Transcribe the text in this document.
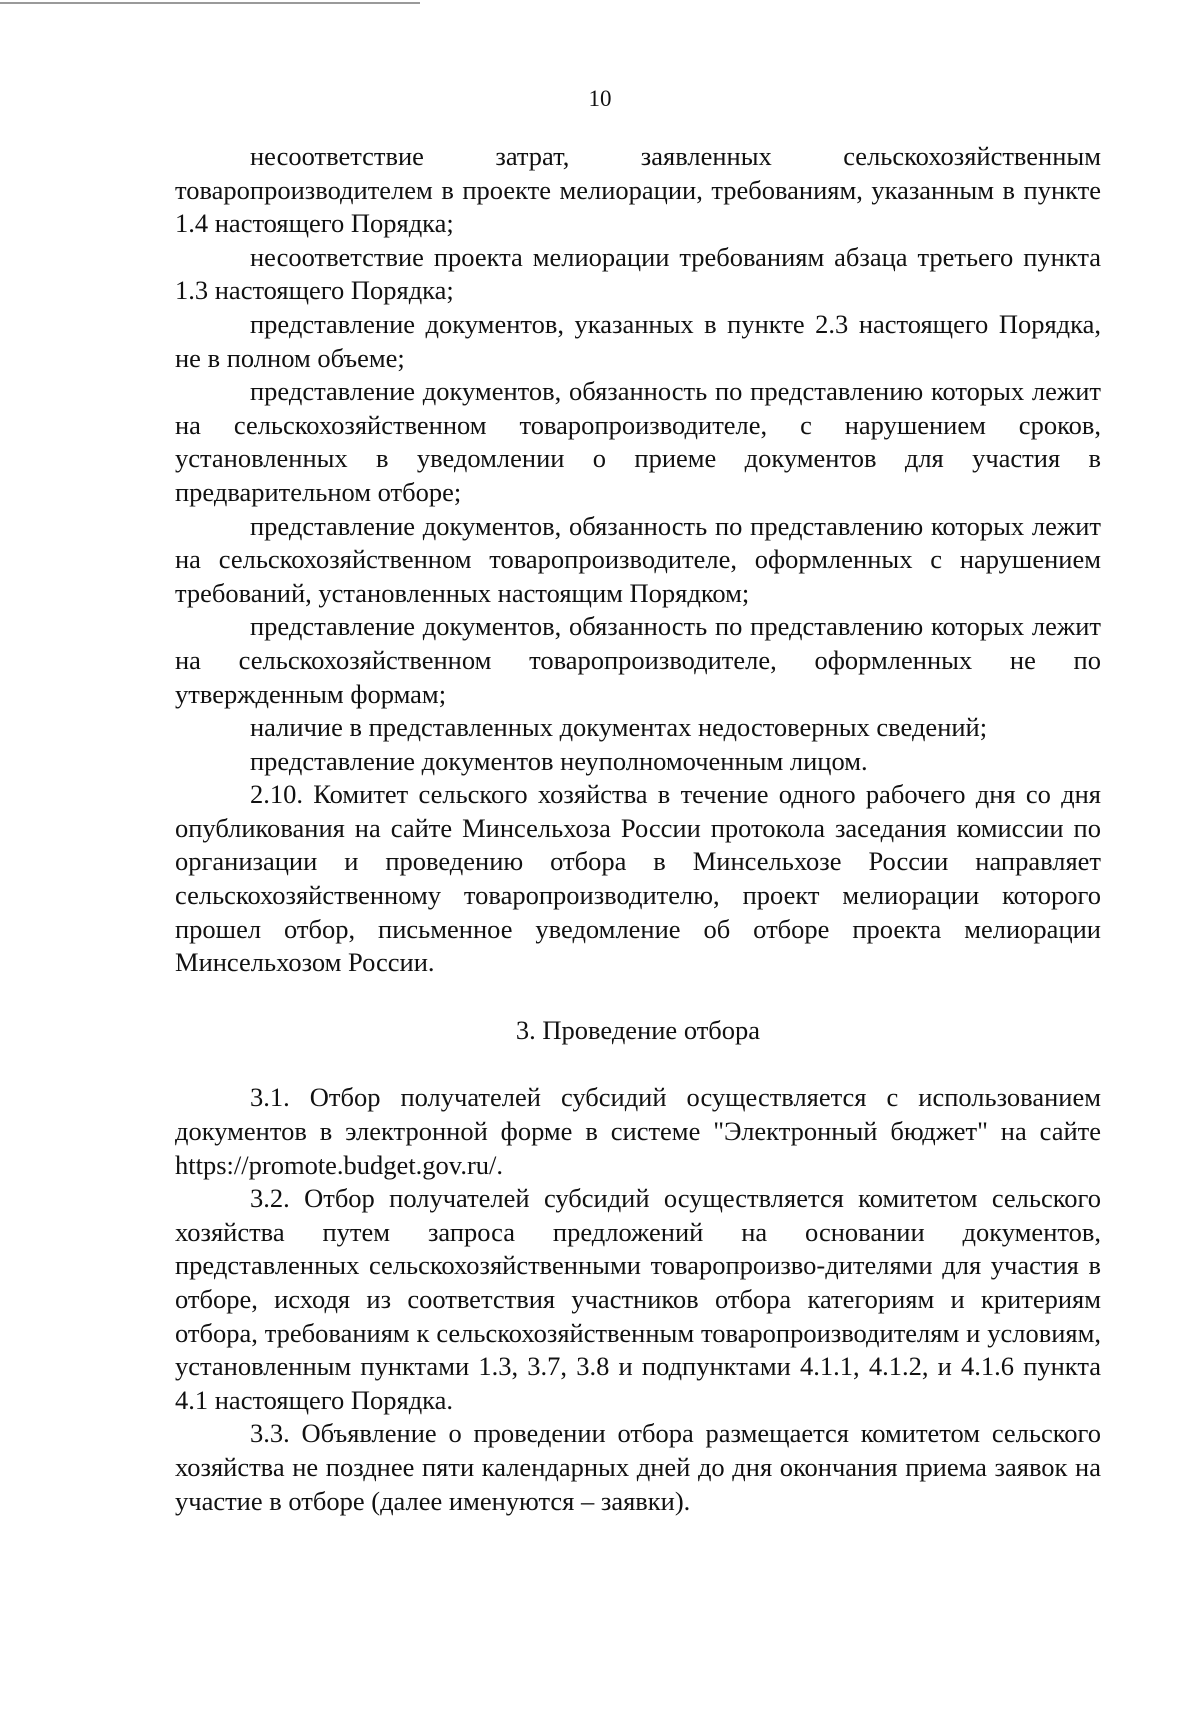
10

несоответствие затрат, заявленных сельскохозяйственным товаропроизводителем в проекте мелиорации, требованиям, указанным в пункте 1.4 настоящего Порядка;

несоответствие проекта мелиорации требованиям абзаца третьего пункта 1.3 настоящего Порядка;

представление документов, указанных в пункте 2.3 настоящего Порядка, не в полном объеме;

представление документов, обязанность по представлению которых лежит на сельскохозяйственном товаропроизводителе, с нарушением сроков, установленных в уведомлении о приеме документов для участия в предварительном отборе;

представление документов, обязанность по представлению которых лежит на сельскохозяйственном товаропроизводителе, оформленных с нарушением требований, установленных настоящим Порядком;

представление документов, обязанность по представлению которых лежит на сельскохозяйственном товаропроизводителе, оформленных не по утвержденным формам;

наличие в представленных документах недостоверных сведений;

представление документов неуполномоченным лицом.

2.10. Комитет сельского хозяйства в течение одного рабочего дня со дня опубликования на сайте Минсельхоза России протокола заседания комиссии по организации и проведению отбора в Минсельхозе России направляет сельскохозяйственному товаропроизводителю, проект мелиорации которого прошел отбор, письменное уведомление об отборе проекта мелиорации Минсельхозом России.

3. Проведение отбора

3.1. Отбор получателей субсидий осуществляется с использованием документов в электронной форме в системе "Электронный бюджет" на сайте https://promote.budget.gov.ru/.

3.2. Отбор получателей субсидий осуществляется комитетом сельского хозяйства путем запроса предложений на основании документов, представленных сельскохозяйственными товаропроизво-дителями для участия в отборе, исходя из соответствия участников отбора категориям и критериям отбора, требованиям к сельскохозяйственным товаропроизводителям и условиям, установленным пунктами 1.3, 3.7, 3.8 и подпунктами 4.1.1, 4.1.2, и 4.1.6 пункта 4.1 настоящего Порядка.

3.3. Объявление о проведении отбора размещается комитетом сельского хозяйства не позднее пяти календарных дней до дня окончания приема заявок на участие в отборе (далее именуются – заявки).
